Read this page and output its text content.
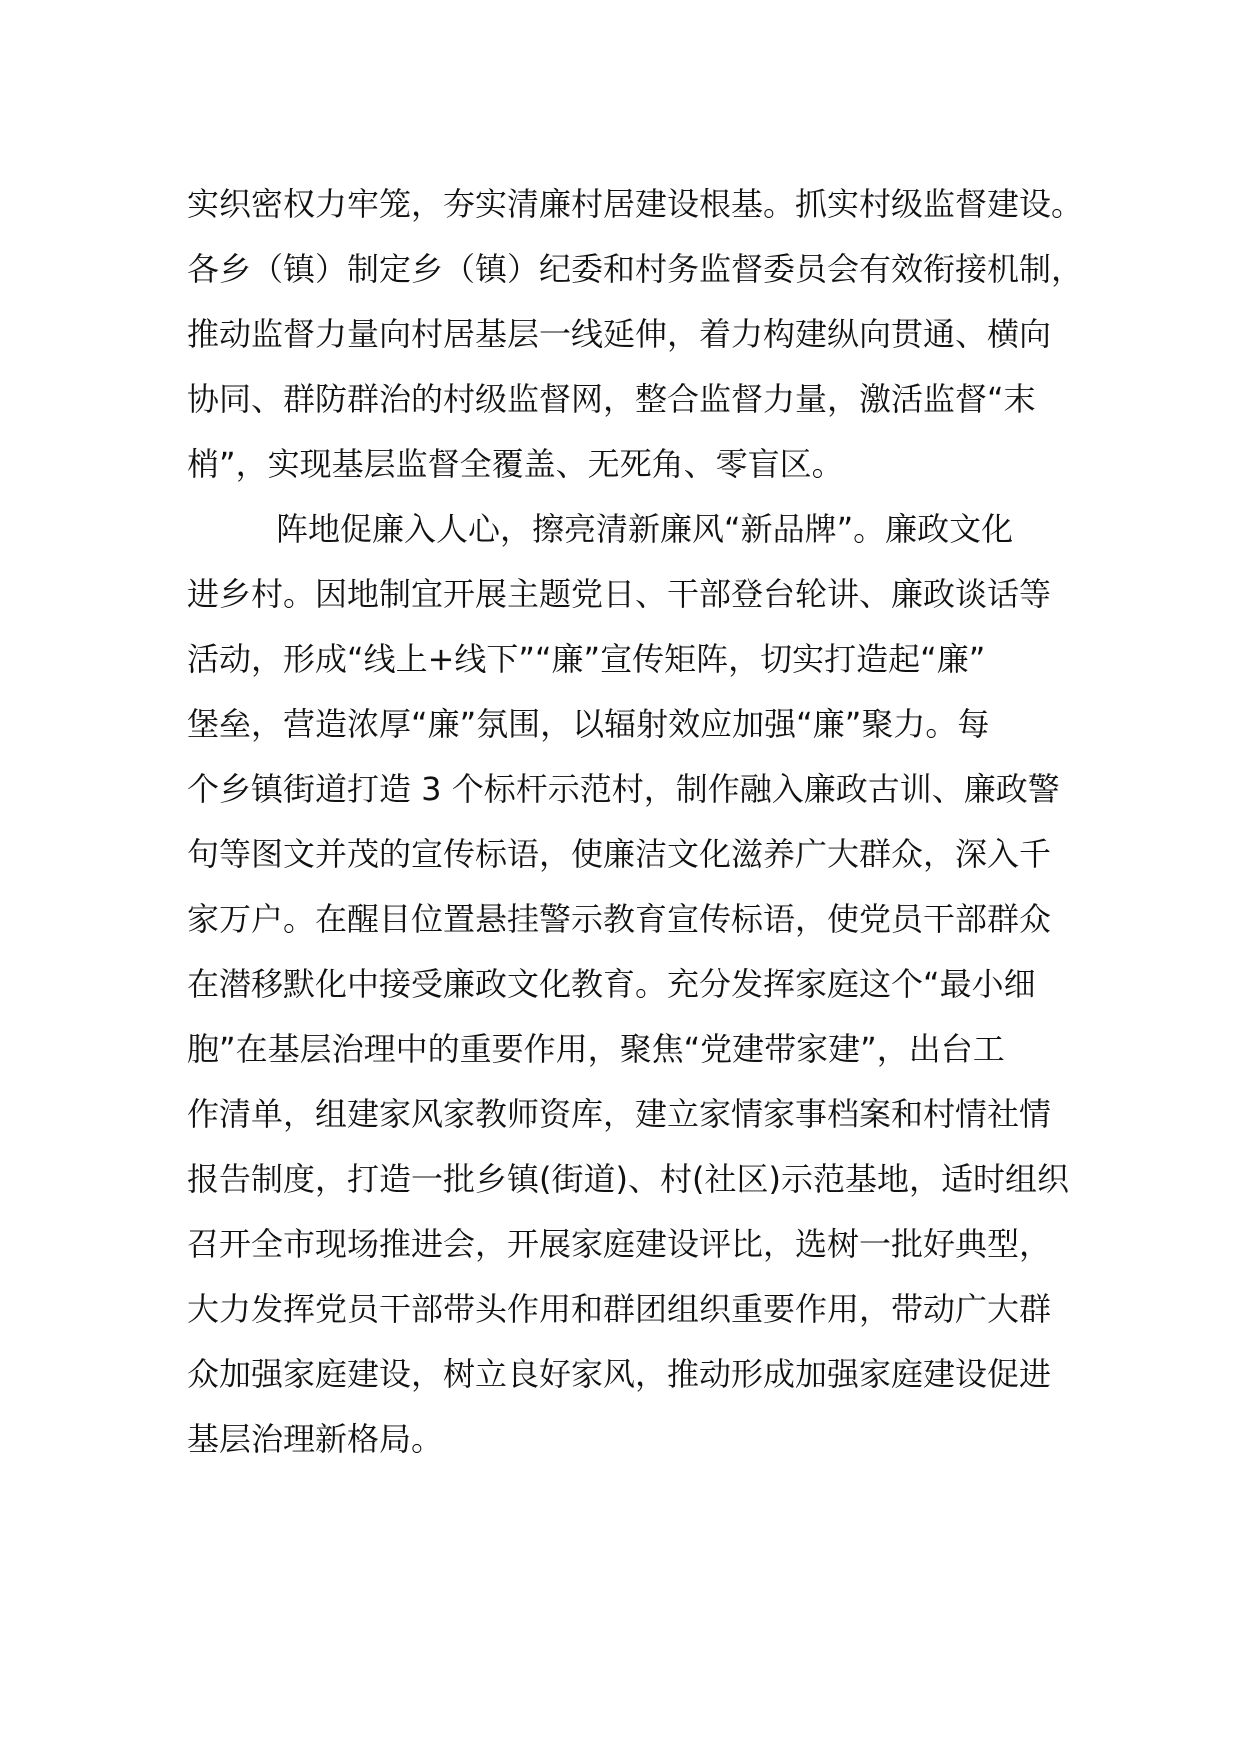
实织密权力牢笼，夯实清廉村居建设根基。抓实村级监督建设。
各乡（镇）制定乡（镇）纪委和村务监督委员会有效衔接机制，
推动监督力量向村居基层一线延伸，着力构建纵向贯通、横向
协同、群防群治的村级监督网，整合监督力量，激活监督“末
梢”，实现基层监督全覆盖、无死角、零盲区。
阵地促廉入人心，擦亮清新廉风“新品牌”。廉政文化
进乡村。因地制宜开展主题党日、干部登台轮讲、廉政谈话等
活动，形成“线上+线下”“廉”宣传矩阵，切实打造起“廉”
堡垒，营造浓厚“廉”氛围，以辐射效应加强“廉”聚力。每
个乡镇街道打造 3 个标杆示范村，制作融入廉政古训、廉政警
句等图文并茂的宣传标语，使廉洁文化滋养广大群众，深入千
家万户。在醒目位置悬挂警示教育宣传标语，使党员干部群众
在潜移默化中接受廉政文化教育。充分发挥家庭这个“最小细
胞”在基层治理中的重要作用，聚焦“党建带家建”，出台工
作清单，组建家风家教师资库，建立家情家事档案和村情社情
报告制度，打造一批乡镇(街道)、村(社区)示范基地，适时组织
召开全市现场推进会，开展家庭建设评比，选树一批好典型，
大力发挥党员干部带头作用和群团组织重要作用，带动广大群
众加强家庭建设，树立良好家风，推动形成加强家庭建设促进
基层治理新格局。
